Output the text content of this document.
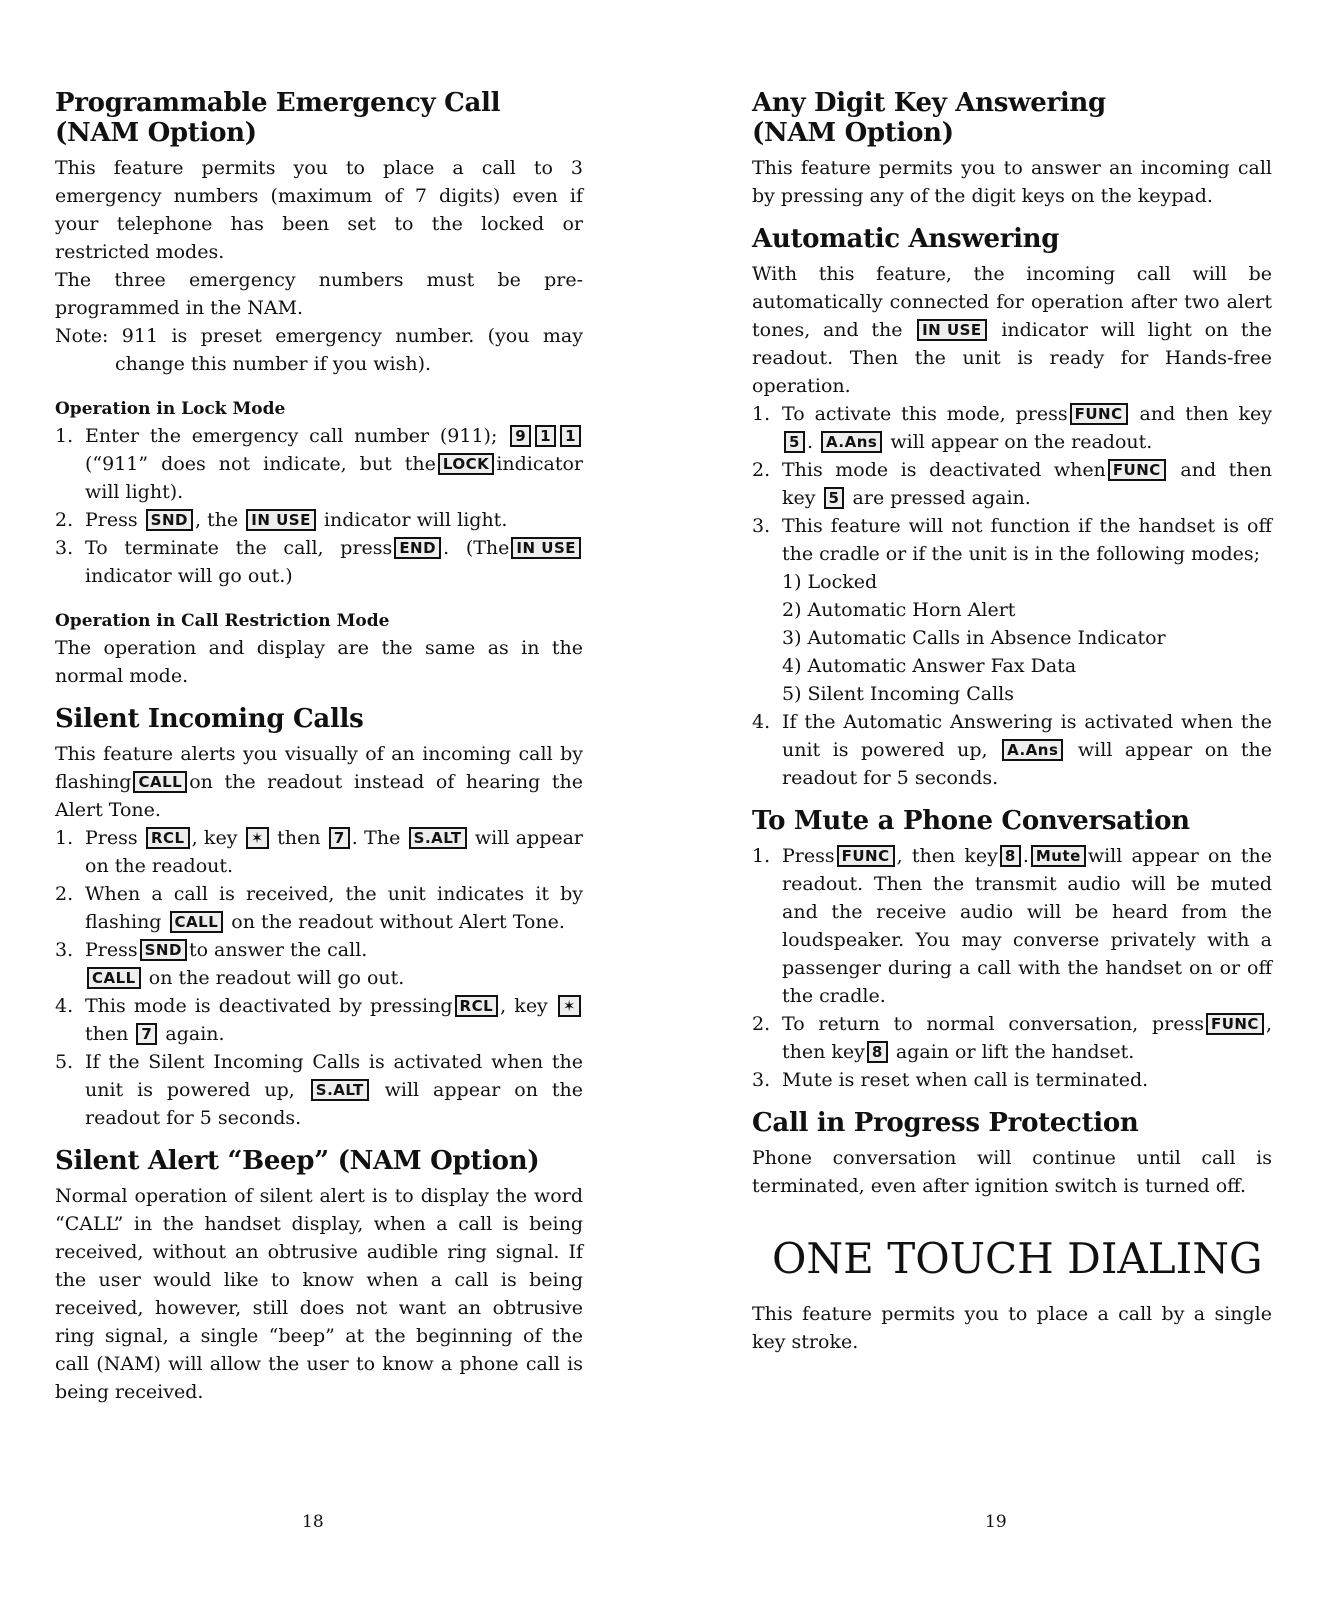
Programmable Emergency Call
(NAM Option)

This feature permits you to place a call to 3 emergency numbers (maximum of 7 digits) even if your telephone has been set to the locked or restricted modes.

The three emergency numbers must be pre-programmed in the NAM.

Note: 911 is preset emergency number. (you may change this number if you wish).

Operation in Lock Mode
1. Enter the emergency call number (911); 9 1 1 (“911” does not indicate, but the LOCK indicator will light).
2. Press SND , the IN USE indicator will light.
3. To terminate the call, press END . (The IN USE indicator will go out.)
Operation in Call Restriction Mode

The operation and display are the same as in the normal mode.

Silent Incoming Calls

This feature alerts you visually of an incoming call by flashing CALL on the readout instead of hearing the Alert Tone.

1. Press RCL , key ✶ then 7 . The S.ALT will appear on the readout.
2. When a call is received, the unit indicates it by flashing CALL on the readout without Alert Tone.
3. Press SND to answer the call.
CALL on the readout will go out.
4. This mode is deactivated by pressing RCL , key ✶ then 7 again.
5. If the Silent Incoming Calls is activated when the unit is powered up, S.ALT will appear on the readout for 5 seconds.
Silent Alert “Beep” (NAM Option)

Normal operation of silent alert is to display the word “CALL” in the handset display, when a call is being received, without an obtrusive audible ring signal. If the user would like to know when a call is being received, however, still does not want an obtrusive ring signal, a single “beep” at the beginning of the call (NAM) will allow the user to know a phone call is being received.

Any Digit Key Answering
(NAM Option)

This feature permits you to answer an incoming call by pressing any of the digit keys on the keypad.

Automatic Answering

With this feature, the incoming call will be automatically connected for operation after two alert tones, and the IN USE indicator will light on the readout. Then the unit is ready for Hands-free operation.

1. To activate this mode, press FUNC and then key 5 . A.Ans will appear on the readout.
2. This mode is deactivated when FUNC and then key 5 are pressed again.
3. This feature will not function if the handset is off the cradle or if the unit is in the following modes;
1) Locked
2) Automatic Horn Alert
3) Automatic Calls in Absence Indicator
4) Automatic Answer Fax Data
5) Silent Incoming Calls
4. If the Automatic Answering is activated when the unit is powered up, A.Ans will appear on the readout for 5 seconds.
To Mute a Phone Conversation
1. Press FUNC , then key 8 . Mute will appear on the readout. Then the transmit audio will be muted and the receive audio will be heard from the loudspeaker. You may converse privately with a passenger during a call with the handset on or off the cradle.
2. To return to normal conversation, press FUNC , then key 8 again or lift the handset.
3. Mute is reset when call is terminated.
Call in Progress Protection

Phone conversation will continue until call is terminated, even after ignition switch is turned off.

ONE TOUCH DIALING

This feature permits you to place a call by a single key stroke.

18	19
